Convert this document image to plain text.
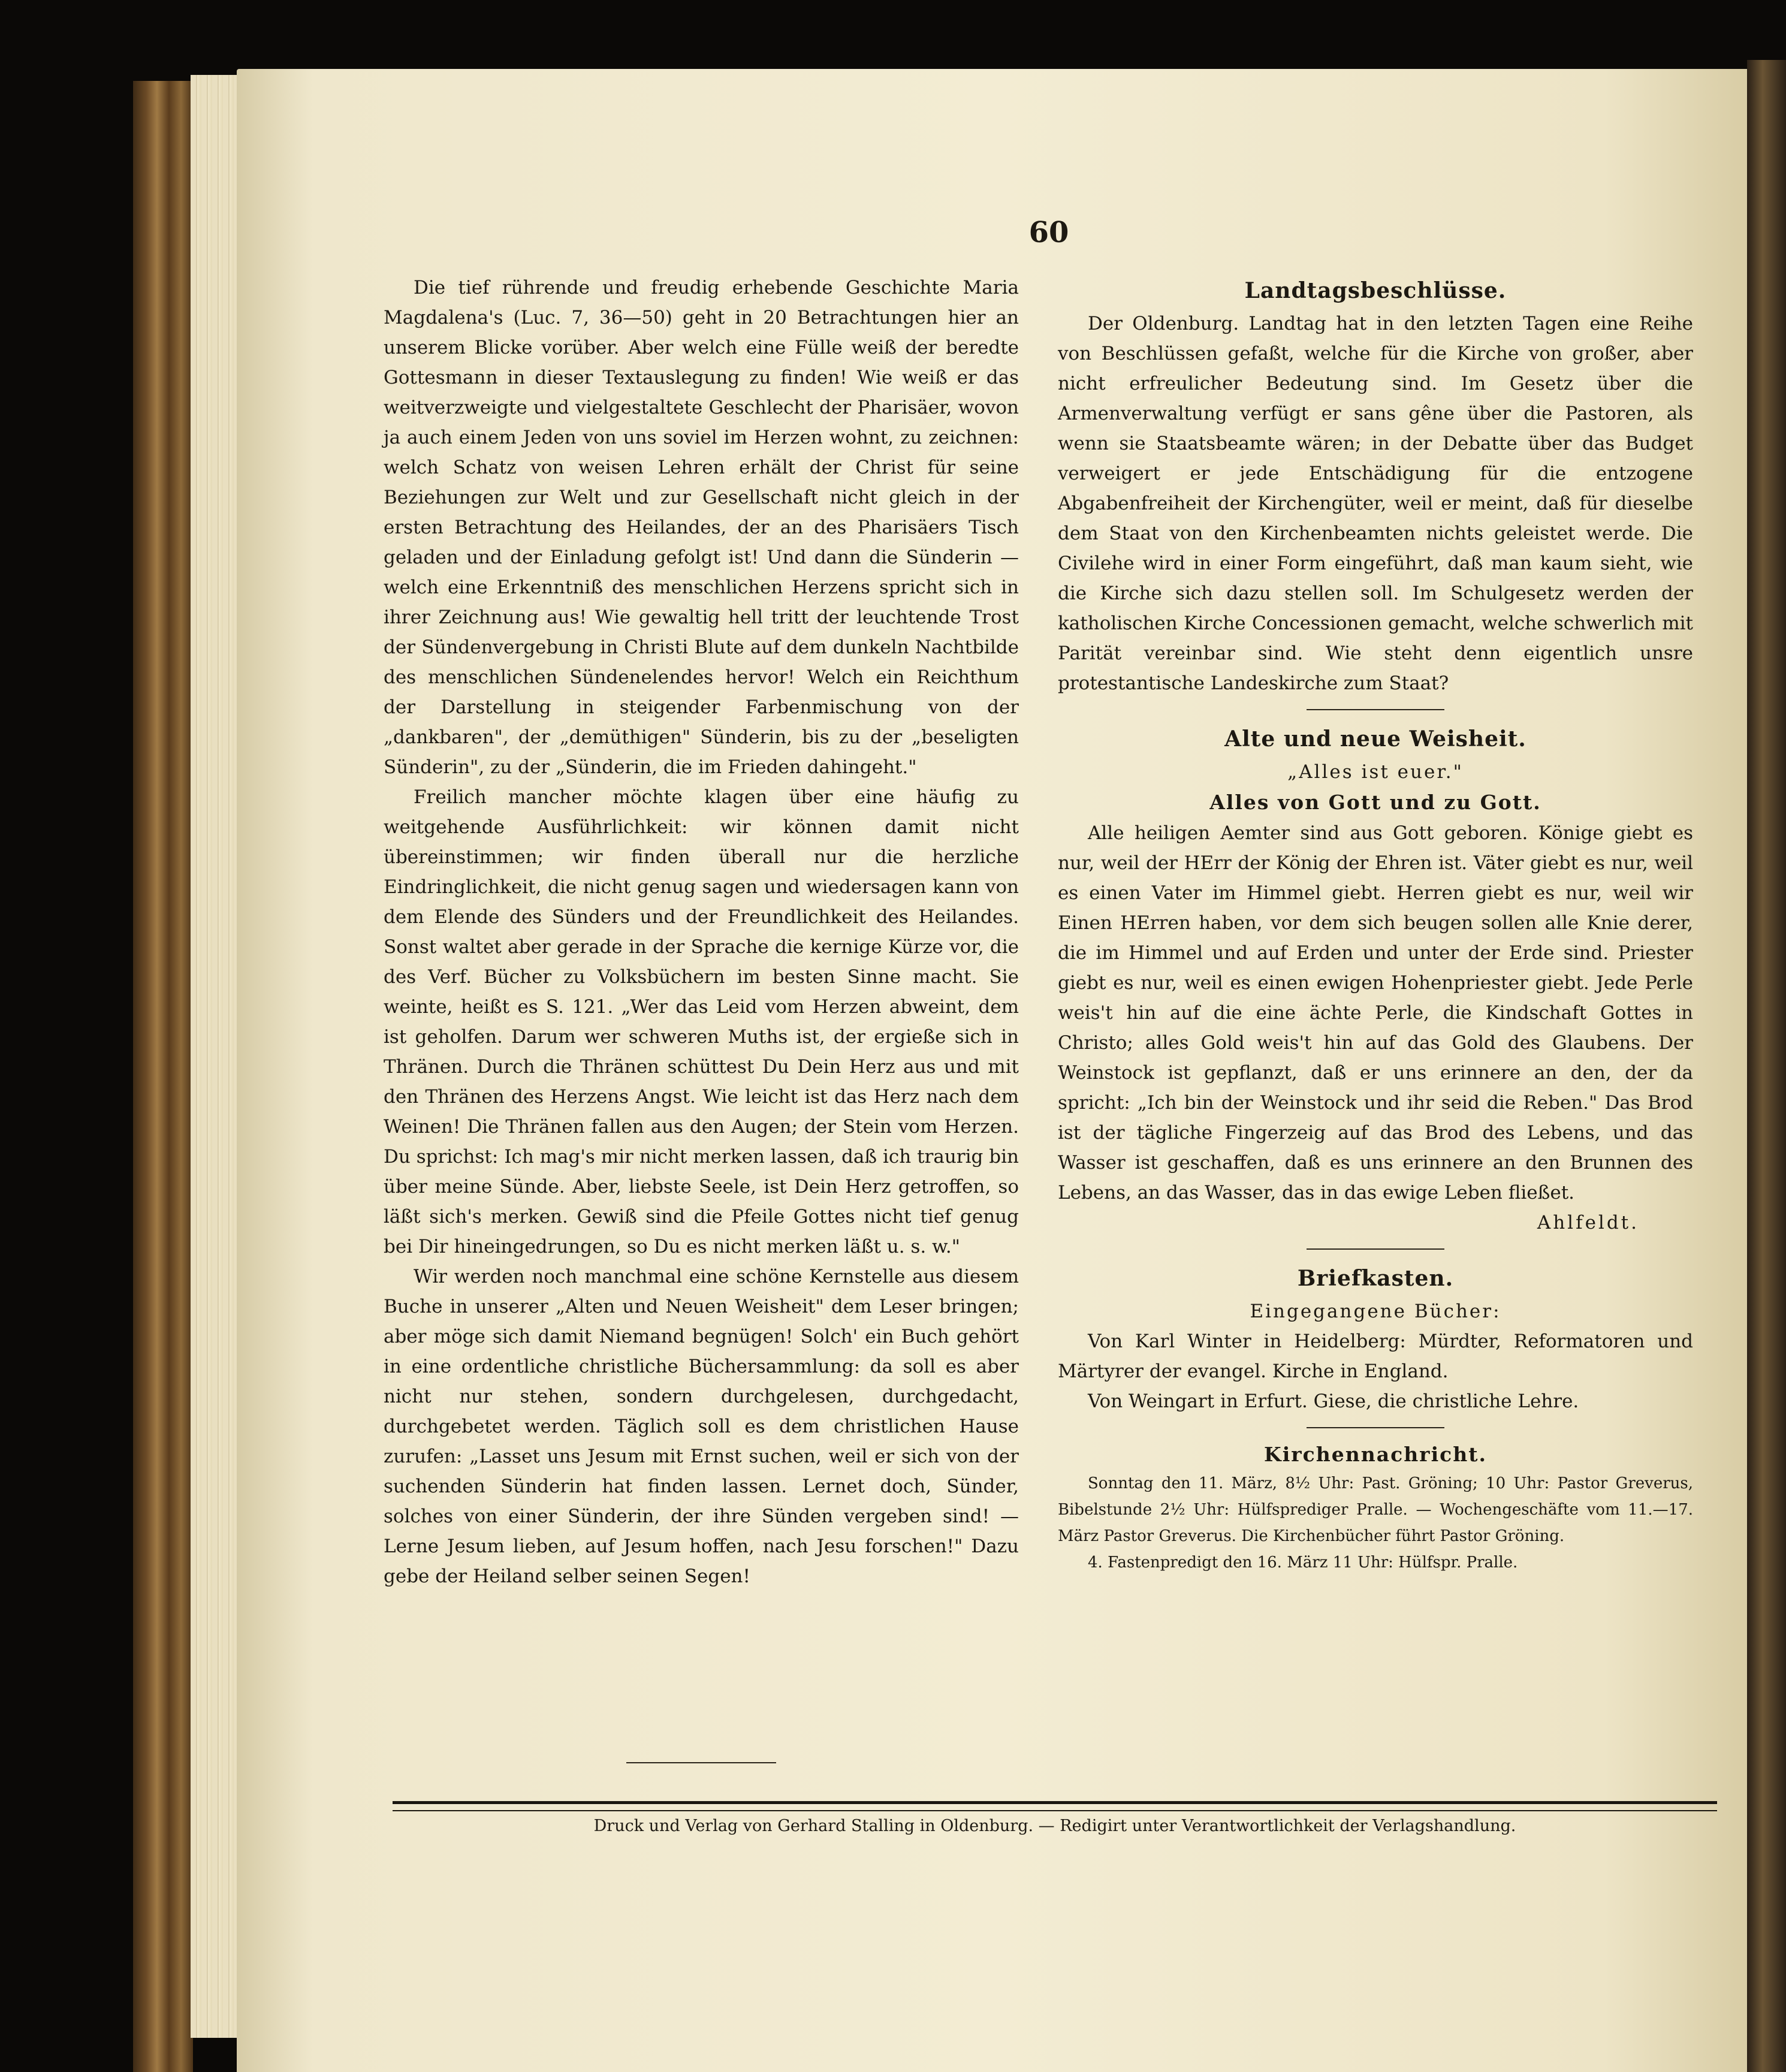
60

Die tief rührende und freudig erhebende Geschichte Maria Magdalena's (Luc. 7, 36—50) geht in 20 Betrachtungen hier an unserem Blicke vorüber. Aber welch eine Fülle weiß der beredte Gottesmann in dieser Textauslegung zu finden! Wie weiß er das weitverzweigte und vielgestaltete Geschlecht der Pharisäer, wovon ja auch einem Jeden von uns soviel im Herzen wohnt, zu zeichnen: welch Schatz von weisen Lehren erhält der Christ für seine Beziehungen zur Welt und zur Gesellschaft nicht gleich in der ersten Betrachtung des Heilandes, der an des Pharisäers Tisch geladen und der Einladung gefolgt ist! Und dann die Sünderin — welch eine Erkenntniß des menschlichen Herzens spricht sich in ihrer Zeichnung aus! Wie gewaltig hell tritt der leuchtende Trost der Sündenvergebung in Christi Blute auf dem dunkeln Nachtbilde des menschlichen Sündenelendes hervor! Welch ein Reichthum der Darstellung in steigender Farbenmischung von der „dankbaren", der „demüthigen" Sünderin, bis zu der „beseligten Sünderin", zu der „Sünderin, die im Frieden dahingeht."

Freilich mancher möchte klagen über eine häufig zu weitgehende Ausführlichkeit: wir können damit nicht übereinstimmen; wir finden überall nur die herzliche Eindringlichkeit, die nicht genug sagen und wiedersagen kann von dem Elende des Sünders und der Freundlichkeit des Heilandes. Sonst waltet aber gerade in der Sprache die kernige Kürze vor, die des Verf. Bücher zu Volksbüchern im besten Sinne macht. Sie weinte, heißt es S. 121. „Wer das Leid vom Herzen abweint, dem ist geholfen. Darum wer schweren Muths ist, der ergieße sich in Thränen. Durch die Thränen schüttest Du Dein Herz aus und mit den Thränen des Herzens Angst. Wie leicht ist das Herz nach dem Weinen! Die Thränen fallen aus den Augen; der Stein vom Herzen. Du sprichst: Ich mag's mir nicht merken lassen, daß ich traurig bin über meine Sünde. Aber, liebste Seele, ist Dein Herz getroffen, so läßt sich's merken. Gewiß sind die Pfeile Gottes nicht tief genug bei Dir hineingedrungen, so Du es nicht merken läßt u. s. w."

Wir werden noch manchmal eine schöne Kernstelle aus diesem Buche in unserer „Alten und Neuen Weisheit" dem Leser bringen; aber möge sich damit Niemand begnügen! Solch' ein Buch gehört in eine ordentliche christliche Büchersammlung: da soll es aber nicht nur stehen, sondern durchgelesen, durchgedacht, durchgebetet werden. Täglich soll es dem christlichen Hause zurufen: „Lasset uns Jesum mit Ernst suchen, weil er sich von der suchenden Sünderin hat finden lassen. Lernet doch, Sünder, solches von einer Sünderin, der ihre Sünden vergeben sind! — Lerne Jesum lieben, auf Jesum hoffen, nach Jesu forschen!" Dazu gebe der Heiland selber seinen Segen!

Landtagsbeschlüsse.

Der Oldenburg. Landtag hat in den letzten Tagen eine Reihe von Beschlüssen gefaßt, welche für die Kirche von großer, aber nicht erfreulicher Bedeutung sind. Im Gesetz über die Armenverwaltung verfügt er sans gêne über die Pastoren, als wenn sie Staatsbeamte wären; in der Debatte über das Budget verweigert er jede Entschädigung für die entzogene Abgabenfreiheit der Kirchengüter, weil er meint, daß für dieselbe dem Staat von den Kirchenbeamten nichts geleistet werde. Die Civilehe wird in einer Form eingeführt, daß man kaum sieht, wie die Kirche sich dazu stellen soll. Im Schulgesetz werden der katholischen Kirche Concessionen gemacht, welche schwerlich mit Parität vereinbar sind. Wie steht denn eigentlich unsre protestantische Landeskirche zum Staat?

Alte und neue Weisheit.

„Alles ist euer."

Alles von Gott und zu Gott.

Alle heiligen Aemter sind aus Gott geboren. Könige giebt es nur, weil der HErr der König der Ehren ist. Väter giebt es nur, weil es einen Vater im Himmel giebt. Herren giebt es nur, weil wir Einen HErren haben, vor dem sich beugen sollen alle Knie derer, die im Himmel und auf Erden und unter der Erde sind. Priester giebt es nur, weil es einen ewigen Hohenpriester giebt. Jede Perle weis't hin auf die eine ächte Perle, die Kindschaft Gottes in Christo; alles Gold weis't hin auf das Gold des Glaubens. Der Weinstock ist gepflanzt, daß er uns erinnere an den, der da spricht: „Ich bin der Weinstock und ihr seid die Reben." Das Brod ist der tägliche Fingerzeig auf das Brod des Lebens, und das Wasser ist geschaffen, daß es uns erinnere an den Brunnen des Lebens, an das Wasser, das in das ewige Leben fließet.

Ahlfeldt.

Briefkasten.

Eingegangene Bücher:

Von Karl Winter in Heidelberg: Mürdter, Reformatoren und Märtyrer der evangel. Kirche in England.

Von Weingart in Erfurt. Giese, die christliche Lehre.

Kirchennachricht.

Sonntag den 11. März, 8½ Uhr: Past. Gröning; 10 Uhr: Pastor Greverus, Bibelstunde 2½ Uhr: Hülfsprediger Pralle. — Wochengeschäfte vom 11.—17. März Pastor Greverus. Die Kirchenbücher führt Pastor Gröning.

4. Fastenpredigt den 16. März 11 Uhr: Hülfspr. Pralle.

Druck und Verlag von Gerhard Stalling in Oldenburg. — Redigirt unter Verantwortlichkeit der Verlagshandlung.
